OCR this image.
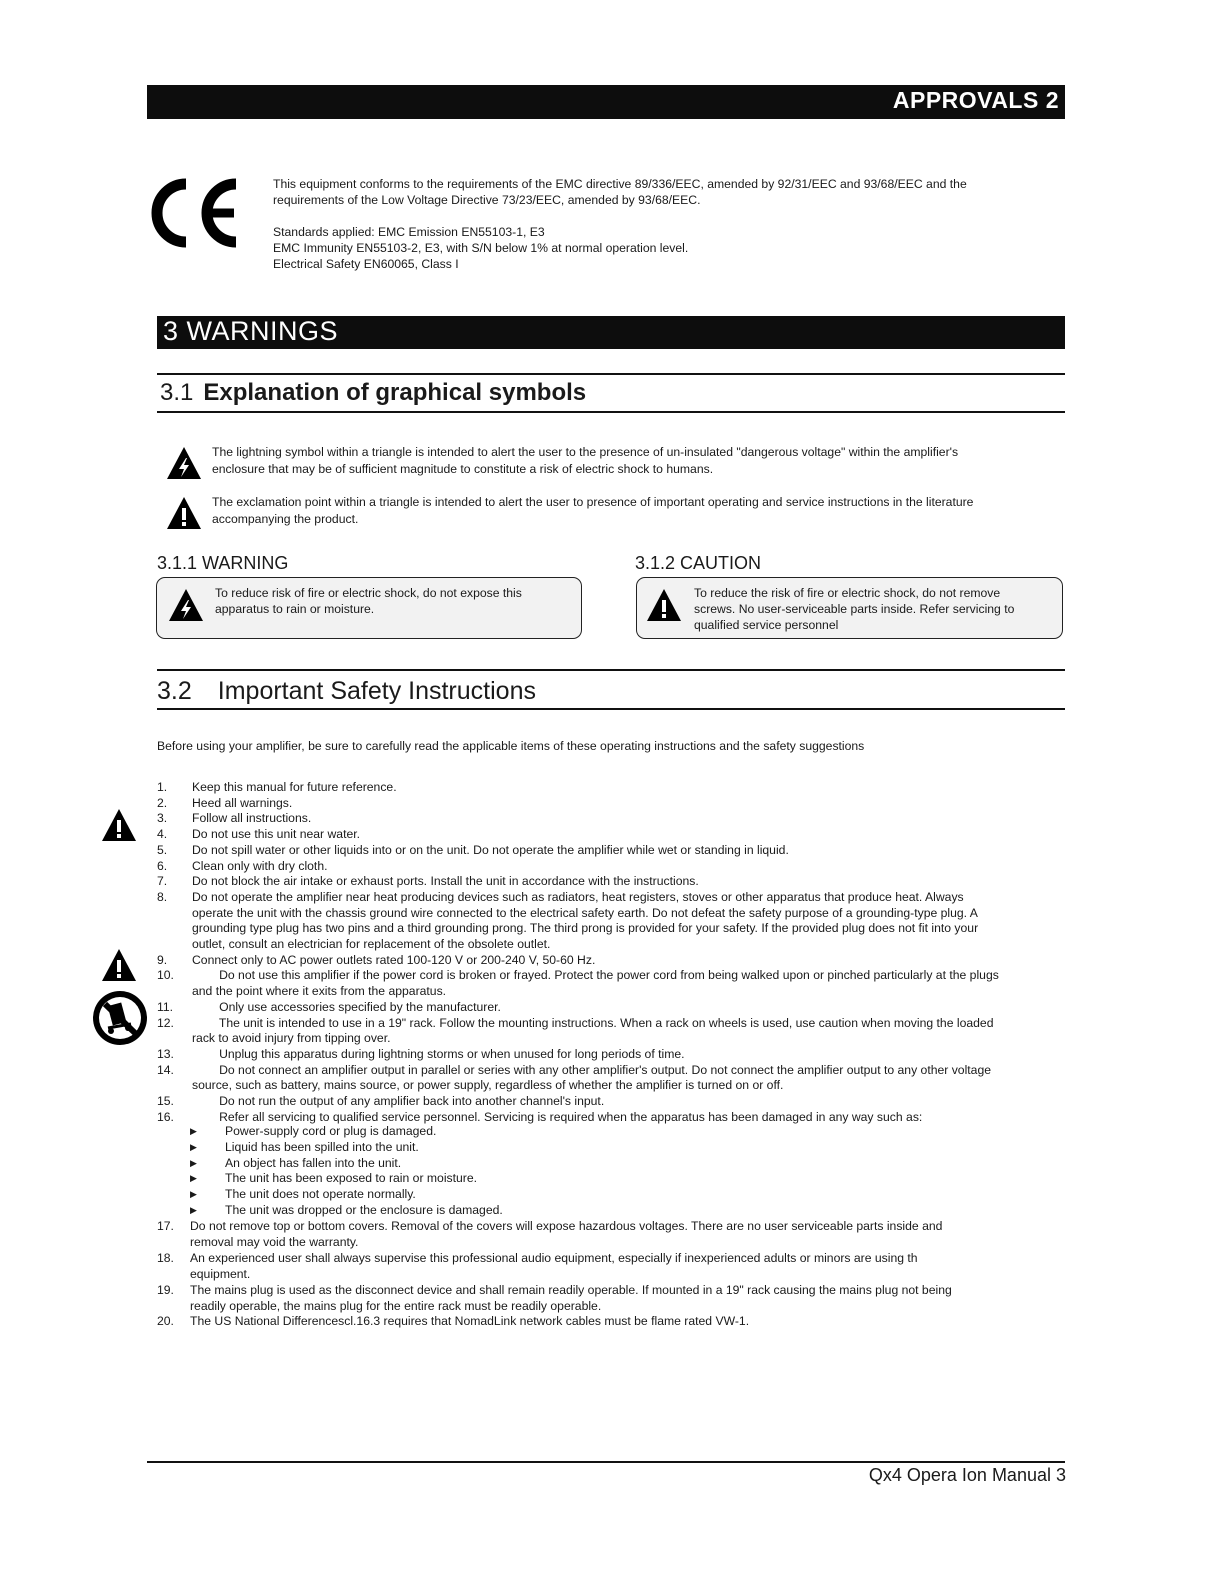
APPROVALS 2

This equipment conforms to the requirements of the EMC directive 89/336/EEC, amended by 92/31/EEC and 93/68/EEC and the

requirements of the Low Voltage Directive 73/23/EEC, amended by 93/68/EEC.

Standards applied: EMC Emission EN55103-1, E3

EMC Immunity EN55103-2, E3, with S/N below 1% at normal operation level.

Electrical Safety EN60065, Class I

3 WARNINGS
3.1 Explanation of graphical symbols
The lightning symbol within a triangle is intended to alert the user to the presence of un-insulated "dangerous voltage" within the amplifier's
enclosure that may be of sufficient magnitude to constitute a risk of electric shock to humans.
The exclamation point within a triangle is intended to alert the user to presence of important operating and service instructions in the literature
accompanying the product.
3.1.1 WARNING
To reduce risk of fire or electric shock, do not expose this
apparatus to rain or moisture.
3.1.2 CAUTION
To reduce the risk of fire or electric shock, do not remove
screws. No user-serviceable parts inside. Refer servicing to
qualified service personnel
3.2 Important Safety Instructions
Before using your amplifier, be sure to carefully read the applicable items of these operating instructions and the safety suggestions
1. Keep this manual for future reference.
2. Heed all warnings.
3. Follow all instructions.
4. Do not use this unit near water.
5. Do not spill water or other liquids into or on the unit. Do not operate the amplifier while wet or standing in liquid.
6. Clean only with dry cloth.
7. Do not block the air intake or exhaust ports. Install the unit in accordance with the instructions.
8. Do not operate the amplifier near heat producing devices such as radiators, heat registers, stoves or other apparatus that produce heat. Always
operate the unit with the chassis ground wire connected to the electrical safety earth. Do not defeat the safety purpose of a grounding-type plug. A
grounding type plug has two pins and a third grounding prong. The third prong is provided for your safety. If the provided plug does not fit into your
outlet, consult an electrician for replacement of the obsolete outlet.
9. Connect only to AC power outlets rated 100-120 V or 200-240 V, 50-60 Hz.
10. Do not use this amplifier if the power cord is broken or frayed. Protect the power cord from being walked upon or pinched particularly at the plugs
and the point where it exits from the apparatus.
11. Only use accessories specified by the manufacturer.
12. The unit is intended to use in a 19" rack. Follow the mounting instructions. When a rack on wheels is used, use caution when moving the loaded
rack to avoid injury from tipping over.
13. Unplug this apparatus during lightning storms or when unused for long periods of time.
14. Do not connect an amplifier output in parallel or series with any other amplifier's output. Do not connect the amplifier output to any other voltage
source, such as battery, mains source, or power supply, regardless of whether the amplifier is turned on or off.
15. Do not run the output of any amplifier back into another channel's input.
16. Refer all servicing to qualified service personnel. Servicing is required when the apparatus has been damaged in any way such as:
▶ Power-supply cord or plug is damaged.
▶ Liquid has been spilled into the unit.
▶ An object has fallen into the unit.
▶ The unit has been exposed to rain or moisture.
▶ The unit does not operate normally.
▶ The unit was dropped or the enclosure is damaged.
17. Do not remove top or bottom covers. Removal of the covers will expose hazardous voltages. There are no user serviceable parts inside and
removal may void the warranty.
18. An experienced user shall always supervise this professional audio equipment, especially if inexperienced adults or minors are using th
equipment.
19. The mains plug is used as the disconnect device and shall remain readily operable. If mounted in a 19" rack causing the mains plug not being
readily operable, the mains plug for the entire rack must be readily operable.
20. The US National Differencescl.16.3 requires that NomadLink network cables must be flame rated VW-1.
Qx4 Opera Ion Manual 3
